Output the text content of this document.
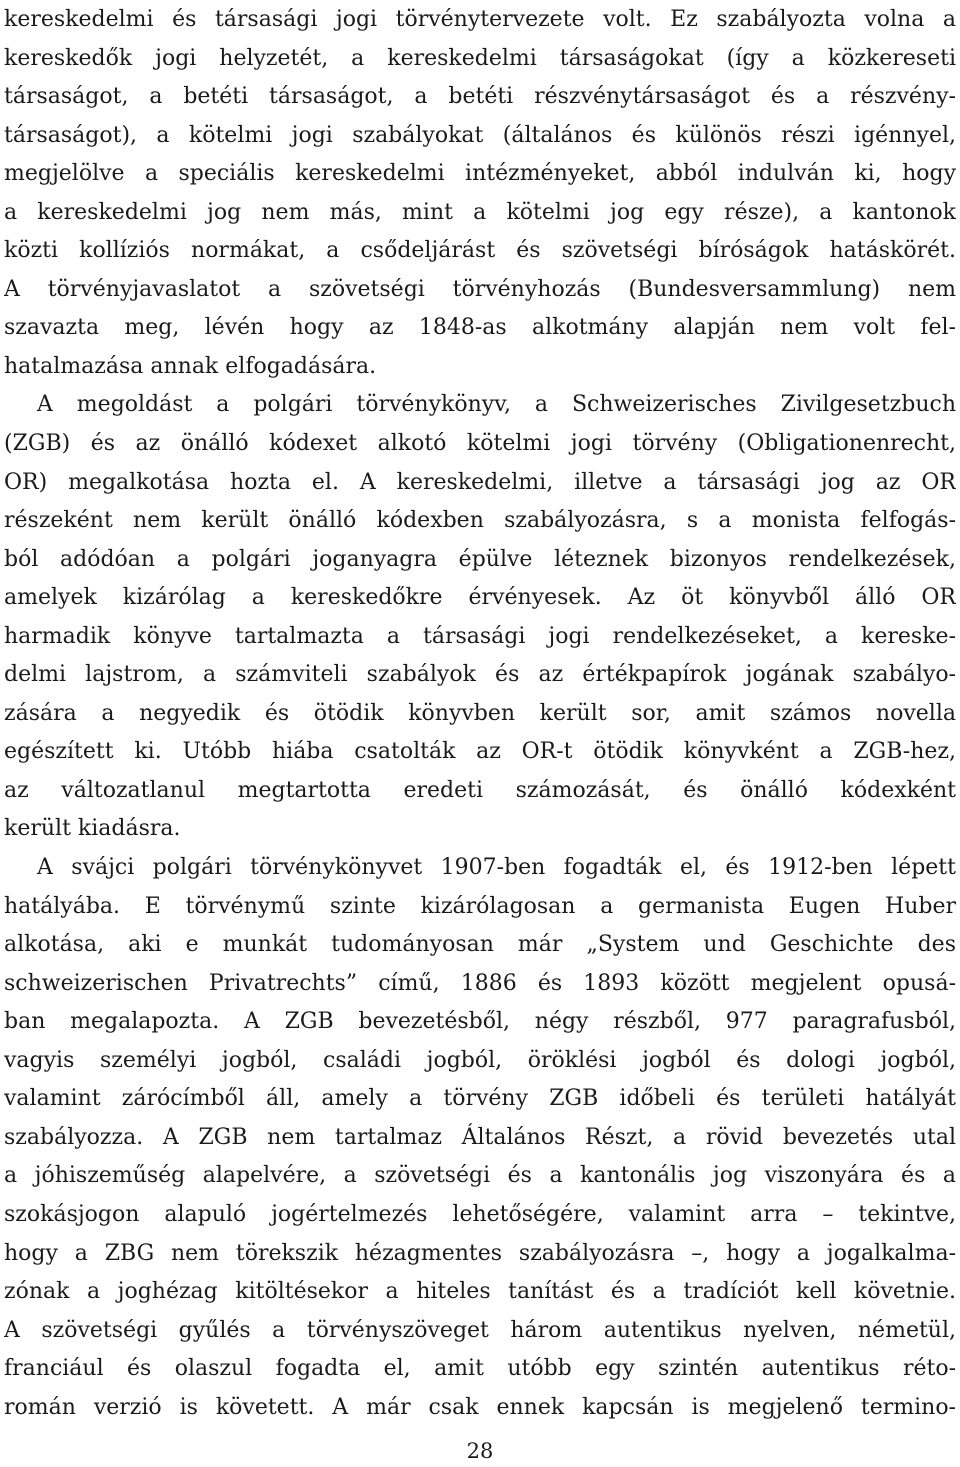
kereskedelmi és társasági jogi törvénytervezete volt. Ez szabályozta volna a
kereskedők jogi helyzetét, a kereskedelmi társaságokat (így a közkereseti
társaságot, a betéti társaságot, a betéti részvénytársaságot és a részvény-
társaságot), a kötelmi jogi szabályokat (általános és különös részi igénnyel,
megjelölve a speciális kereskedelmi intézményeket, abból indulván ki, hogy
a kereskedelmi jog nem más, mint a kötelmi jog egy része), a kantonok
közti kollíziós normákat, a csődeljárást és szövetségi bíróságok hatáskörét.
A törvényjavaslatot a szövetségi törvényhozás (Bundesversammlung) nem
szavazta meg, lévén hogy az 1848-as alkotmány alapján nem volt fel-
hatalmazása annak elfogadására.
A megoldást a polgári törvénykönyv, a Schweizerisches Zivilgesetzbuch
(ZGB) és az önálló kódexet alkotó kötelmi jogi törvény (Obligationenrecht,
OR) megalkotása hozta el. A kereskedelmi, illetve a társasági jog az OR
részeként nem került önálló kódexben szabályozásra, s a monista felfogás-
ból adódóan a polgári joganyagra épülve léteznek bizonyos rendelkezések,
amelyek kizárólag a kereskedőkre érvényesek. Az öt könyvből álló OR
harmadik könyve tartalmazta a társasági jogi rendelkezéseket, a kereske-
delmi lajstrom, a számviteli szabályok és az értékpapírok jogának szabályo-
zására a negyedik és ötödik könyvben került sor, amit számos novella
egészített ki. Utóbb hiába csatolták az OR-t ötödik könyvként a ZGB-hez,
az változatlanul megtartotta eredeti számozását, és önálló kódexként
került kiadásra.
A svájci polgári törvénykönyvet 1907-ben fogadták el, és 1912-ben lépett
hatályába. E törvénymű szinte kizárólagosan a germanista Eugen Huber
alkotása, aki e munkát tudományosan már „System und Geschichte des
schweizerischen Privatrechts” című, 1886 és 1893 között megjelent opusá-
ban megalapozta. A ZGB bevezetésből, négy részből, 977 paragrafusból,
vagyis személyi jogból, családi jogból, öröklési jogból és dologi jogból,
valamint zárócímből áll, amely a törvény ZGB időbeli és területi hatályát
szabályozza. A ZGB nem tartalmaz Általános Részt, a rövid bevezetés utal
a jóhiszeműség alapelvére, a szövetségi és a kantonális jog viszonyára és a
szokásjogon alapuló jogértelmezés lehetőségére, valamint arra – tekintve,
hogy a ZBG nem törekszik hézagmentes szabályozásra –, hogy a jogalkalma-
zónak a joghézag kitöltésekor a hiteles tanítást és a tradíciót kell követnie.
A szövetségi gyűlés a törvényszöveget három autentikus nyelven, németül,
franciául és olaszul fogadta el, amit utóbb egy szintén autentikus réto-
román verzió is követett. A már csak ennek kapcsán is megjelenő termino-
28
